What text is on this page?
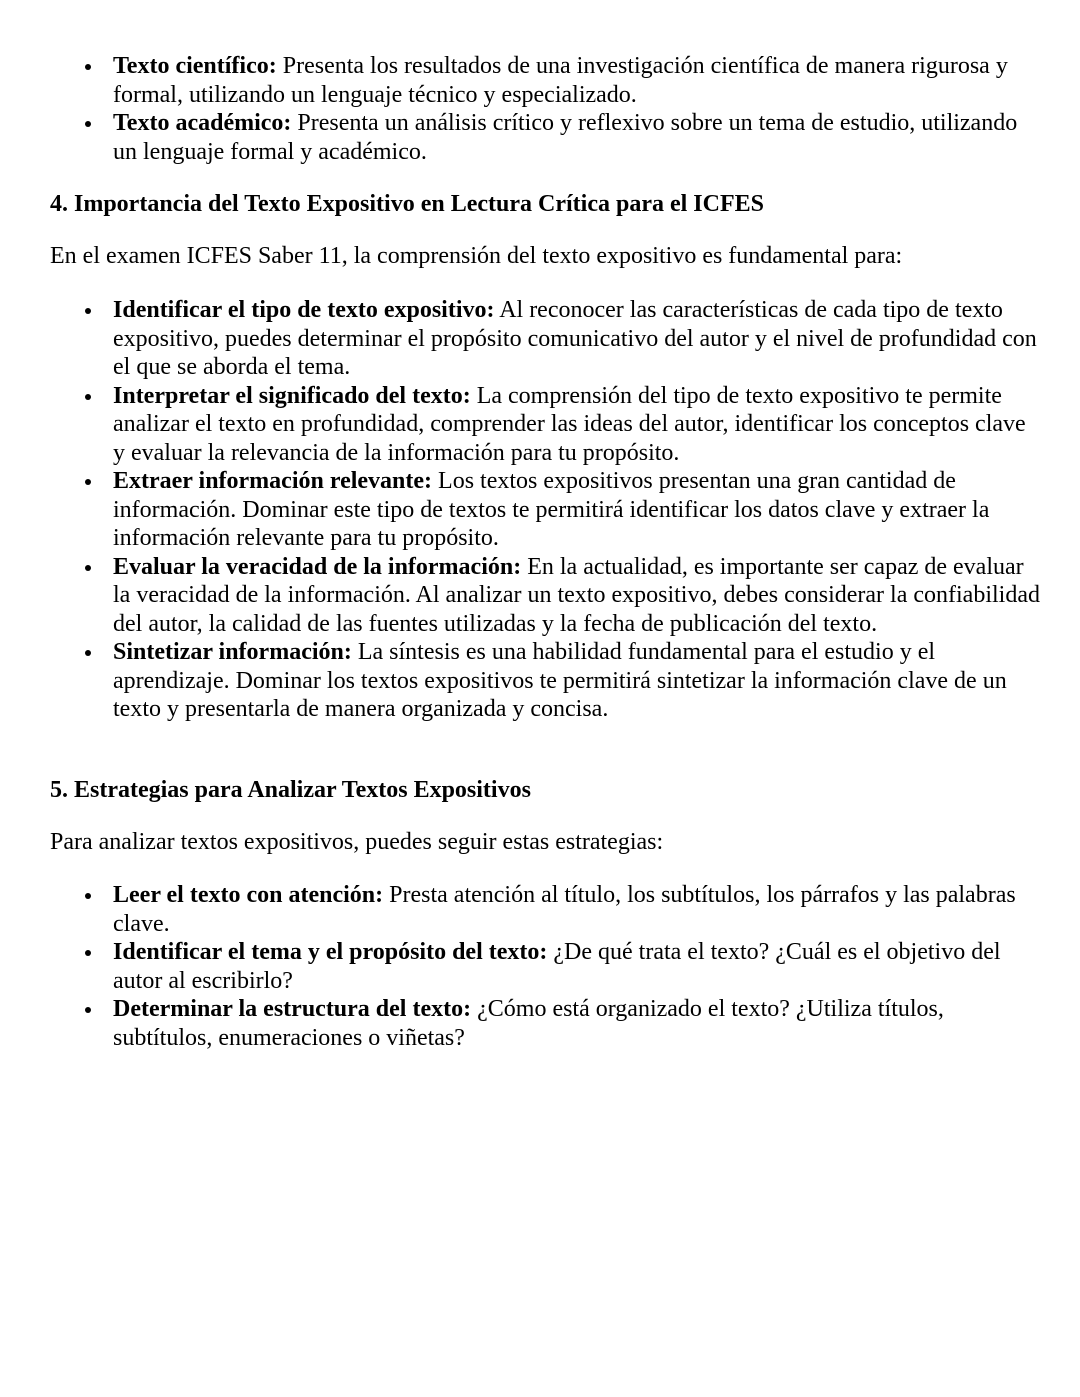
Texto científico: Presenta los resultados de una investigación científica de manera rigurosa y formal, utilizando un lenguaje técnico y especializado.
Texto académico: Presenta un análisis crítico y reflexivo sobre un tema de estudio, utilizando un lenguaje formal y académico.
4. Importancia del Texto Expositivo en Lectura Crítica para el ICFES

En el examen ICFES Saber 11, la comprensión del texto expositivo es fundamental para:

Identificar el tipo de texto expositivo: Al reconocer las características de cada tipo de texto expositivo, puedes determinar el propósito comunicativo del autor y el nivel de profundidad con el que se aborda el tema.
Interpretar el significado del texto: La comprensión del tipo de texto expositivo te permite analizar el texto en profundidad, comprender las ideas del autor, identificar los conceptos clave y evaluar la relevancia de la información para tu propósito.
Extraer información relevante: Los textos expositivos presentan una gran cantidad de información. Dominar este tipo de textos te permitirá identificar los datos clave y extraer la información relevante para tu propósito.
Evaluar la veracidad de la información: En la actualidad, es importante ser capaz de evaluar la veracidad de la información. Al analizar un texto expositivo, debes considerar la confiabilidad del autor, la calidad de las fuentes utilizadas y la fecha de publicación del texto.
Sintetizar información: La síntesis es una habilidad fundamental para el estudio y el aprendizaje. Dominar los textos expositivos te permitirá sintetizar la información clave de un texto y presentarla de manera organizada y concisa.
5. Estrategias para Analizar Textos Expositivos

Para analizar textos expositivos, puedes seguir estas estrategias:

Leer el texto con atención: Presta atención al título, los subtítulos, los párrafos y las palabras clave.
Identificar el tema y el propósito del texto: ¿De qué trata el texto? ¿Cuál es el objetivo del autor al escribirlo?
Determinar la estructura del texto: ¿Cómo está organizado el texto? ¿Utiliza títulos, subtítulos, enumeraciones o viñetas?
